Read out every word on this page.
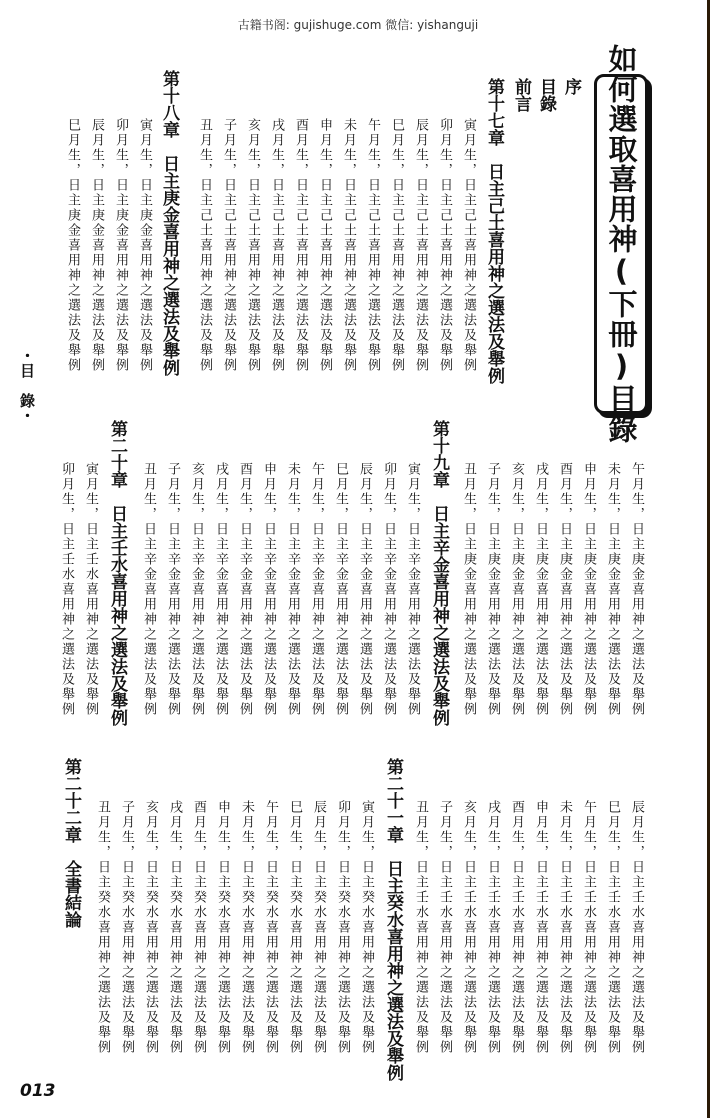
古籍书阁: gujishuge.com 微信: yishanguji
如何選取喜用神(下冊)目錄
序
目錄
前言
第十七章　日主己土喜用神之選法及舉例
寅月生，日主己土喜用神之選法及舉例
卯月生，日主己土喜用神之選法及舉例
辰月生，日主己土喜用神之選法及舉例
巳月生，日主己土喜用神之選法及舉例
午月生，日主己土喜用神之選法及舉例
未月生，日主己土喜用神之選法及舉例
申月生，日主己土喜用神之選法及舉例
酉月生，日主己土喜用神之選法及舉例
戌月生，日主己土喜用神之選法及舉例
亥月生，日主己土喜用神之選法及舉例
子月生，日主己土喜用神之選法及舉例
丑月生，日主己土喜用神之選法及舉例
第十八章　日主庚金喜用神之選法及舉例
寅月生，日主庚金喜用神之選法及舉例
卯月生，日主庚金喜用神之選法及舉例
辰月生，日主庚金喜用神之選法及舉例
巳月生，日主庚金喜用神之選法及舉例
午月生，日主庚金喜用神之選法及舉例
未月生，日主庚金喜用神之選法及舉例
申月生，日主庚金喜用神之選法及舉例
酉月生，日主庚金喜用神之選法及舉例
戌月生，日主庚金喜用神之選法及舉例
亥月生，日主庚金喜用神之選法及舉例
子月生，日主庚金喜用神之選法及舉例
丑月生，日主庚金喜用神之選法及舉例
第十九章　日主辛金喜用神之選法及舉例
寅月生，日主辛金喜用神之選法及舉例
卯月生，日主辛金喜用神之選法及舉例
辰月生，日主辛金喜用神之選法及舉例
巳月生，日主辛金喜用神之選法及舉例
午月生，日主辛金喜用神之選法及舉例
未月生，日主辛金喜用神之選法及舉例
申月生，日主辛金喜用神之選法及舉例
酉月生，日主辛金喜用神之選法及舉例
戌月生，日主辛金喜用神之選法及舉例
亥月生，日主辛金喜用神之選法及舉例
子月生，日主辛金喜用神之選法及舉例
丑月生，日主辛金喜用神之選法及舉例
第二十章　日主壬水喜用神之選法及舉例
寅月生，日主壬水喜用神之選法及舉例
卯月生，日主壬水喜用神之選法及舉例
辰月生，日主壬水喜用神之選法及舉例
巳月生，日主壬水喜用神之選法及舉例
午月生，日主壬水喜用神之選法及舉例
未月生，日主壬水喜用神之選法及舉例
申月生，日主壬水喜用神之選法及舉例
酉月生，日主壬水喜用神之選法及舉例
戌月生，日主壬水喜用神之選法及舉例
亥月生，日主壬水喜用神之選法及舉例
子月生，日主壬水喜用神之選法及舉例
丑月生，日主壬水喜用神之選法及舉例
第二十一章　日主癸水喜用神之選法及舉例
寅月生，日主癸水喜用神之選法及舉例
卯月生，日主癸水喜用神之選法及舉例
辰月生，日主癸水喜用神之選法及舉例
巳月生，日主癸水喜用神之選法及舉例
午月生，日主癸水喜用神之選法及舉例
未月生，日主癸水喜用神之選法及舉例
申月生，日主癸水喜用神之選法及舉例
酉月生，日主癸水喜用神之選法及舉例
戌月生，日主癸水喜用神之選法及舉例
亥月生，日主癸水喜用神之選法及舉例
子月生，日主癸水喜用神之選法及舉例
丑月生，日主癸水喜用神之選法及舉例
第二十二章　全書結論
・目　錄・
013
